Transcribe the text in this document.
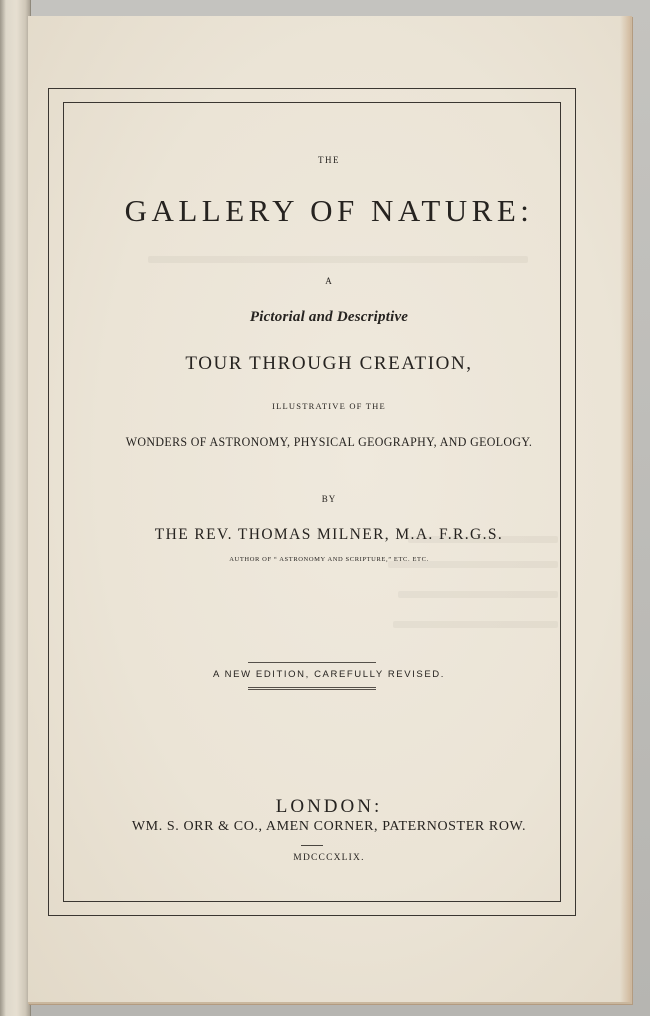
THE

GALLERY OF NATURE:

A

Pictorial and Descriptive

TOUR THROUGH CREATION,

ILLUSTRATIVE OF THE

WONDERS OF ASTRONOMY, PHYSICAL GEOGRAPHY, AND GEOLOGY.

BY

THE REV. THOMAS MILNER, M.A. F.R.G.S.

AUTHOR OF “ ASTRONOMY AND SCRIPTURE,” ETC. ETC.

A NEW EDITION, CAREFULLY REVISED.

LONDON:

WM. S. ORR & CO., AMEN CORNER, PATERNOSTER ROW.

MDCCCXLIX.
